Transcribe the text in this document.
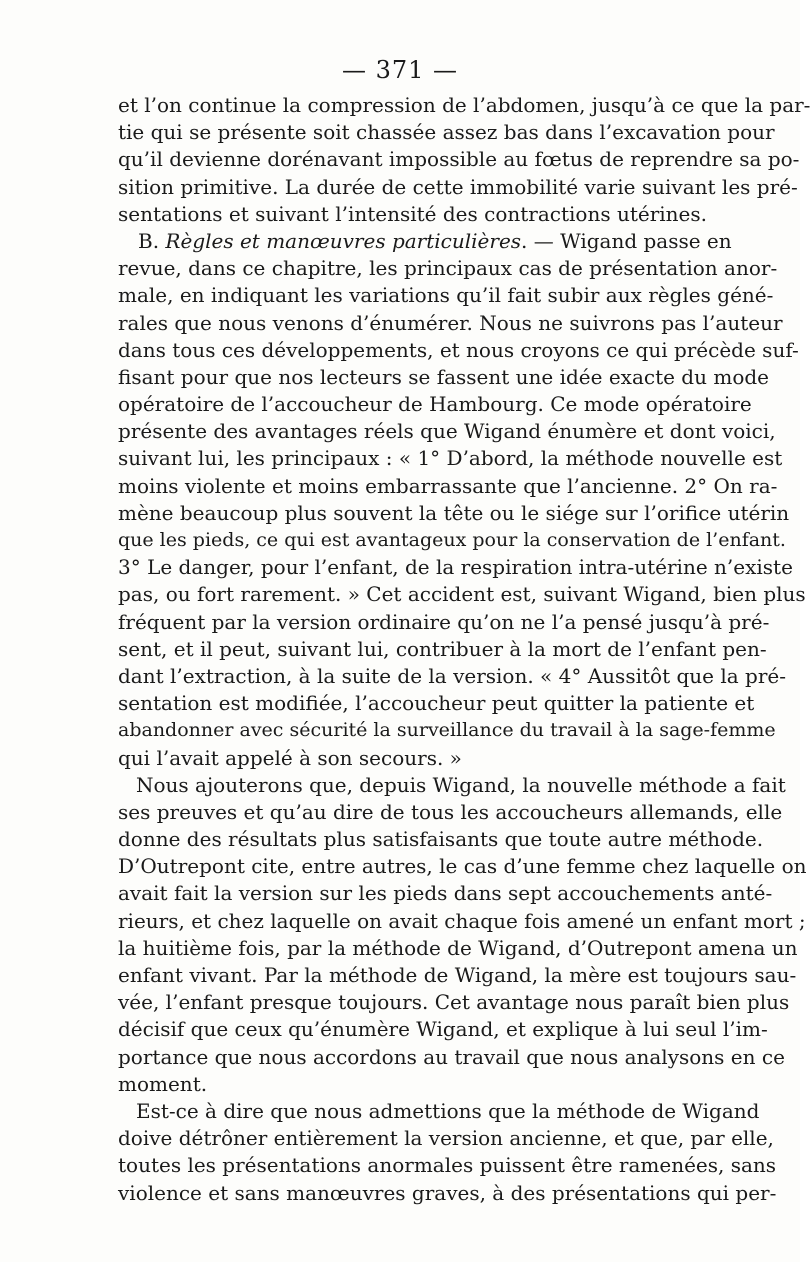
— 371 —
et l’on continue la compression de l’abdomen, jusqu’à ce que la par-
tie qui se présente soit chassée assez bas dans l’excavation pour
qu’il devienne dorénavant impossible au fœtus de reprendre sa po-
sition primitive. La durée de cette immobilité varie suivant les pré-
sentations et suivant l’intensité des contractions utérines.
B. Règles et manœuvres particulières. — Wigand passe en
revue, dans ce chapitre, les principaux cas de présentation anor-
male, en indiquant les variations qu’il fait subir aux règles géné-
rales que nous venons d’énumérer. Nous ne suivrons pas l’auteur
dans tous ces développements, et nous croyons ce qui précède suf-
fisant pour que nos lecteurs se fassent une idée exacte du mode
opératoire de l’accoucheur de Hambourg. Ce mode opératoire
présente des avantages réels que Wigand énumère et dont voici,
suivant lui, les principaux : « 1° D’abord, la méthode nouvelle est
moins violente et moins embarrassante que l’ancienne. 2° On ra-
mène beaucoup plus souvent la tête ou le siége sur l’orifice utérin
que les pieds, ce qui est avantageux pour la conservation de l’enfant.
3° Le danger, pour l’enfant, de la respiration intra-utérine n’existe
pas, ou fort rarement. » Cet accident est, suivant Wigand, bien plus
fréquent par la version ordinaire qu’on ne l’a pensé jusqu’à pré-
sent, et il peut, suivant lui, contribuer à la mort de l’enfant pen-
dant l’extraction, à la suite de la version. « 4° Aussitôt que la pré-
sentation est modifiée, l’accoucheur peut quitter la patiente et
abandonner avec sécurité la surveillance du travail à la sage-femme
qui l’avait appelé à son secours. »
Nous ajouterons que, depuis Wigand, la nouvelle méthode a fait
ses preuves et qu’au dire de tous les accoucheurs allemands, elle
donne des résultats plus satisfaisants que toute autre méthode.
D’Outrepont cite, entre autres, le cas d’une femme chez laquelle on
avait fait la version sur les pieds dans sept accouchements anté-
rieurs, et chez laquelle on avait chaque fois amené un enfant mort ;
la huitième fois, par la méthode de Wigand, d’Outrepont amena un
enfant vivant. Par la méthode de Wigand, la mère est toujours sau-
vée, l’enfant presque toujours. Cet avantage nous paraît bien plus
décisif que ceux qu’énumère Wigand, et explique à lui seul l’im-
portance que nous accordons au travail que nous analysons en ce
moment.
Est-ce à dire que nous admettions que la méthode de Wigand
doive détrôner entièrement la version ancienne, et que, par elle,
toutes les présentations anormales puissent être ramenées, sans
violence et sans manœuvres graves, à des présentations qui per-
